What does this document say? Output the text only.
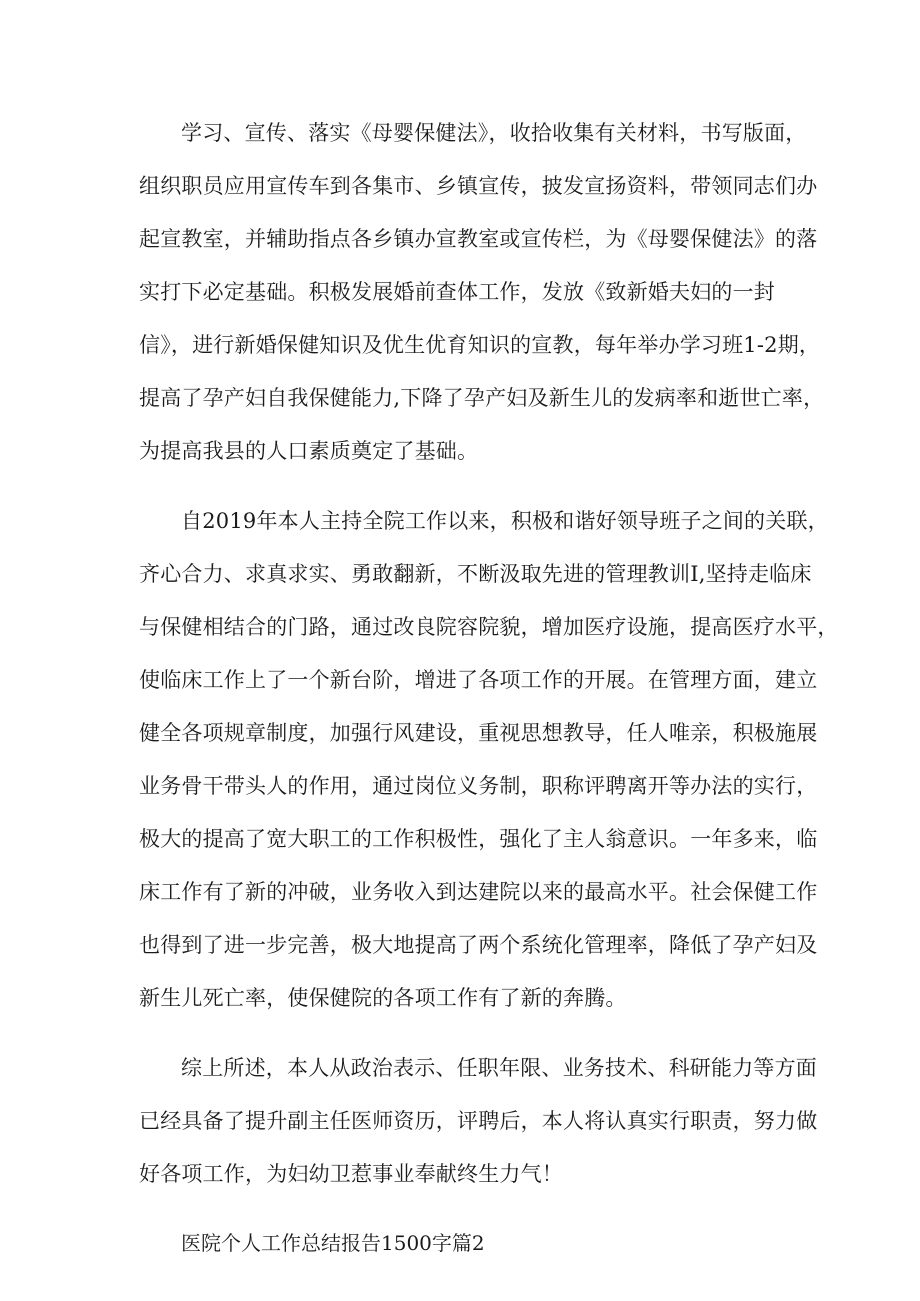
学习、宣传、落实《母婴保健法》，收拾收集有关材料，书写版面，
组织职员应用宣传车到各集市、乡镇宣传，披发宣扬资料，带领同志们办
起宣教室，并辅助指点各乡镇办宣教室或宣传栏，为《母婴保健法》的落
实打下必定基础。积极发展婚前查体工作，发放《致新婚夫妇的一封
信》，进行新婚保健知识及优生优育知识的宣教，每年举办学习班1-2期，
提高了孕产妇自我保健能力,下降了孕产妇及新生儿的发病率和逝世亡率，
为提高我县的人口素质奠定了基础。
自2019年本人主持全院工作以来，积极和谐好领导班子之间的关联，
齐心合力、求真求实、勇敢翻新，不断汲取先进的管理教训I,坚持走临床
与保健相结合的门路，通过改良院容院貌，增加医疗设施，提高医疗水平，
使临床工作上了一个新台阶，增进了各项工作的开展。在管理方面，建立
健全各项规章制度，加强行风建设，重视思想教导，任人唯亲，积极施展
业务骨干带头人的作用，通过岗位义务制，职称评聘离开等办法的实行，
极大的提高了宽大职工的工作积极性，强化了主人翁意识。一年多来，临
床工作有了新的冲破，业务收入到达建院以来的最高水平。社会保健工作
也得到了进一步完善，极大地提高了两个系统化管理率，降低了孕产妇及
新生儿死亡率，使保健院的各项工作有了新的奔腾。
综上所述，本人从政治表示、任职年限、业务技术、科研能力等方面
已经具备了提升副主任医师资历，评聘后，本人将认真实行职责，努力做
好各项工作，为妇幼卫惹事业奉献终生力气！
医院个人工作总结报告1500字篇2
